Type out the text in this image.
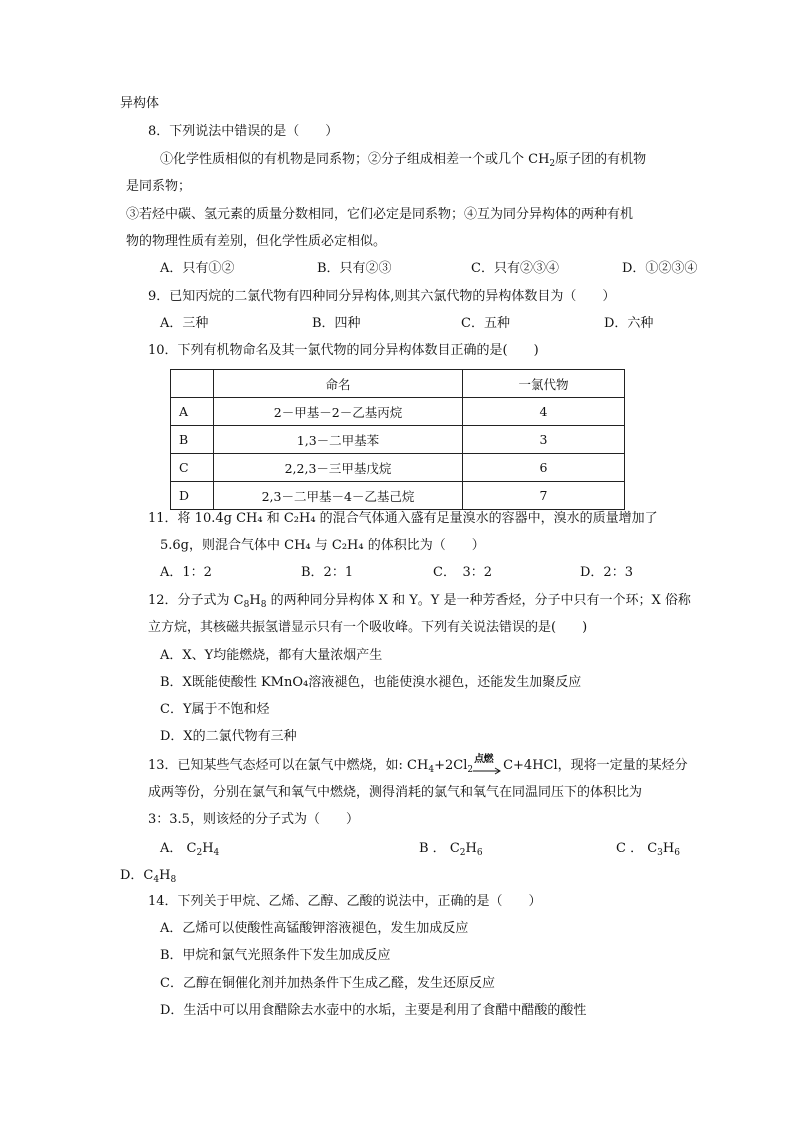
异构体
8．下列说法中错误的是（　　）
①化学性质相似的有机物是同系物；②分子组成相差一个或几个 $CH_2$原子团的有机物
是同系物；
③若烃中碳、氢元素的质量分数相同，它们必定是同系物；④互为同分异构体的两种有机
物的物理性质有差别，但化学性质必定相似。
A．只有①②	B．只有②③	C．只有②③④	D．①②③④
9．已知丙烷的二氯代物有四种同分异构体,则其六氯代物的异构体数目为（　　）
A．三种	B．四种	C．五种	D．六种
10．下列有机物命名及其一氯代物的同分异构体数目正确的是(　　)
	命名	一氯代物
A	2－甲基－2－乙基丙烷	4
B	1,3－二甲基苯	3
C	2,2,3－三甲基戊烷	6
D	2,3－二甲基－4－乙基己烷	7
11．将 10.4g CH₄ 和 C₂H₄ 的混合气体通入盛有足量溴水的容器中，溴水的质量增加了
5.6g，则混合气体中 CH₄ 与 C₂H₄ 的体积比为（　　）
A．1：2	B．2：1	C．　3：2	D．2：3
12．分子式为 $C_8H_8$ 的两种同分异构体 X 和 Y。Y 是一种芳香烃，分子中只有一个环；X 俗称
立方烷，其核磁共振氢谱显示只有一个吸收峰。下列有关说法错误的是(　　)
A．X、Y均能燃烧，都有大量浓烟产生
B．X既能使酸性 KMnO₄溶液褪色，也能使溴水褪色，还能发生加聚反应
C．Y属于不饱和烃
D．X的二氯代物有三种
13．已知某些气态烃可以在氯气中燃烧，如: $CH_4+2Cl_2$
点燃 C+4HCl，现将一定量的某烃分
成两等份，分别在氯气和氧气中燃烧，测得消耗的氯气和氧气在同温同压下的体积比为
3：3.5，则该烃的分子式为（　　）
A． $C_2H_4$	B ． $C_2H_6$	C ． $C_3H_6$
D．$C_4H_8$
14．下列关于甲烷、乙烯、乙醇、乙酸的说法中，正确的是（　　）
A．乙烯可以使酸性高锰酸钾溶液褪色，发生加成反应
B．甲烷和氯气光照条件下发生加成反应
C．乙醇在铜催化剂并加热条件下生成乙醛，发生还原反应
D．生活中可以用食醋除去水壶中的水垢，主要是利用了食醋中醋酸的酸性
